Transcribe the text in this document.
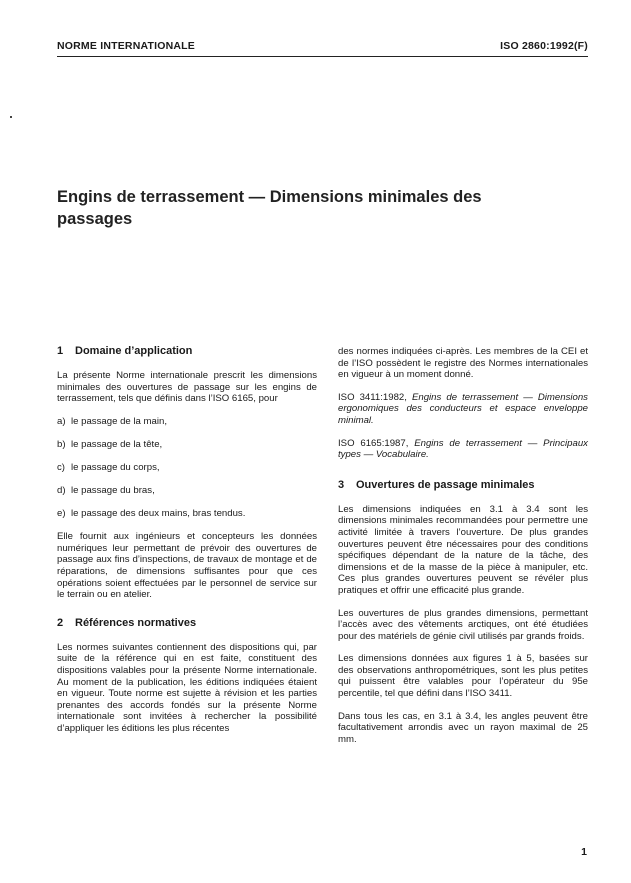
NORME INTERNATIONALE	ISO 2860:1992(F)
Engins de terrassement — Dimensions minimales des passages
1 Domaine d’application

La présente Norme internationale prescrit les dimensions minimales des ouvertures de passage sur les engins de terrassement, tels que définis dans l’ISO 6165, pour

a) le passage de la main,
b) le passage de la tête,
c) le passage du corps,
d) le passage du bras,
e) le passage des deux mains, bras tendus.

Elle fournit aux ingénieurs et concepteurs les données numériques leur permettant de prévoir des ouvertures de passage aux fins d’inspections, de travaux de montage et de réparations, de dimensions suffisantes pour que ces opérations soient effectuées par le personnel de service sur le terrain ou en atelier.

2 Références normatives

Les normes suivantes contiennent des dispositions qui, par suite de la référence qui en est faite, constituent des dispositions valables pour la présente Norme internationale. Au moment de la publication, les éditions indiquées étaient en vigueur. Toute norme est sujette à révision et les parties prenantes des accords fondés sur la présente Norme internationale sont invitées à rechercher la possibilité d’appliquer les éditions les plus récentes

des normes indiquées ci-après. Les membres de la CEI et de l’ISO possèdent le registre des Normes internationales en vigueur à un moment donné.

ISO 3411:1982, Engins de terrassement — Dimensions ergonomiques des conducteurs et espace enveloppe minimal.
ISO 6165:1987, Engins de terrassement — Principaux types — Vocabulaire.
3 Ouvertures de passage minimales

Les dimensions indiquées en 3.1 à 3.4 sont les dimensions minimales recommandées pour permettre une activité limitée à travers l’ouverture. De plus grandes ouvertures peuvent être nécessaires pour des conditions spécifiques dépendant de la nature de la tâche, des dimensions et de la masse de la pièce à manipuler, etc. Ces plus grandes ouvertures peuvent se révéler plus pratiques et offrir une efficacité plus grande.

Les ouvertures de plus grandes dimensions, permettant l’accès avec des vêtements arctiques, ont été étudiées pour des matériels de génie civil utilisés par grands froids.

Les dimensions données aux figures 1 à 5, basées sur des observations anthropométriques, sont les plus petites qui puissent être valables pour l’opérateur du 95e percentile, tel que défini dans l’ISO 3411.

Dans tous les cas, en 3.1 à 3.4, les angles peuvent être facultativement arrondis avec un rayon maximal de 25 mm.

1
